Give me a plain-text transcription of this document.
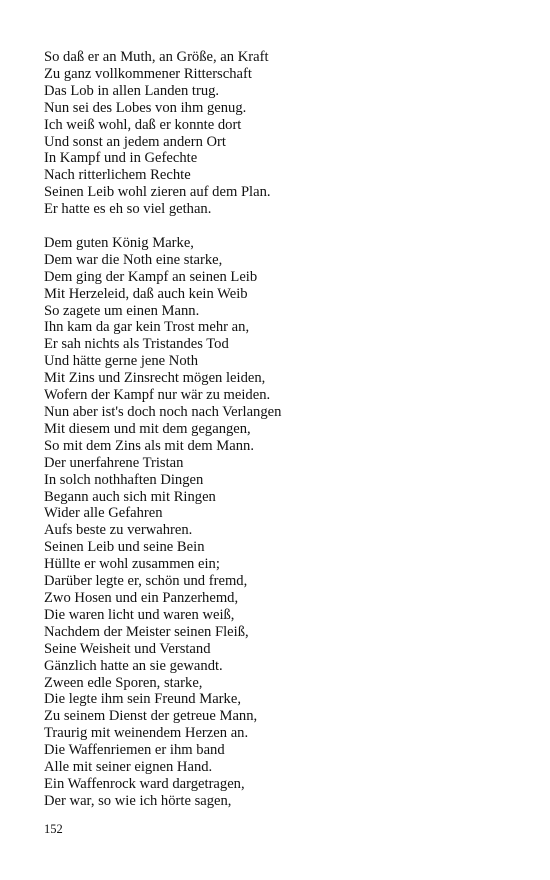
So daß er an Muth, an Größe, an Kraft
Zu ganz vollkommener Ritterschaft
Das Lob in allen Landen trug.
Nun sei des Lobes von ihm genug.
Ich weiß wohl, daß er konnte dort
Und sonst an jedem andern Ort
In Kampf und in Gefechte
Nach ritterlichem Rechte
Seinen Leib wohl zieren auf dem Plan.
Er hatte es eh so viel gethan.
Dem guten König Marke,
Dem war die Noth eine starke,
Dem ging der Kampf an seinen Leib
Mit Herzeleid, daß auch kein Weib
So zagete um einen Mann.
Ihn kam da gar kein Trost mehr an,
Er sah nichts als Tristandes Tod
Und hätte gerne jene Noth
Mit Zins und Zinsrecht mögen leiden,
Wofern der Kampf nur wär zu meiden.
Nun aber ist's doch noch nach Verlangen
Mit diesem und mit dem gegangen,
So mit dem Zins als mit dem Mann.
Der unerfahrene Tristan
In solch nothhaften Dingen
Begann auch sich mit Ringen
Wider alle Gefahren
Aufs beste zu verwahren.
Seinen Leib und seine Bein
Hüllte er wohl zusammen ein;
Darüber legte er, schön und fremd,
Zwo Hosen und ein Panzerhemd,
Die waren licht und waren weiß,
Nachdem der Meister seinen Fleiß,
Seine Weisheit und Verstand
Gänzlich hatte an sie gewandt.
Zween edle Sporen, starke,
Die legte ihm sein Freund Marke,
Zu seinem Dienst der getreue Mann,
Traurig mit weinendem Herzen an.
Die Waffenriemen er ihm band
Alle mit seiner eignen Hand.
Ein Waffenrock ward dargetragen,
Der war, so wie ich hörte sagen,
152
